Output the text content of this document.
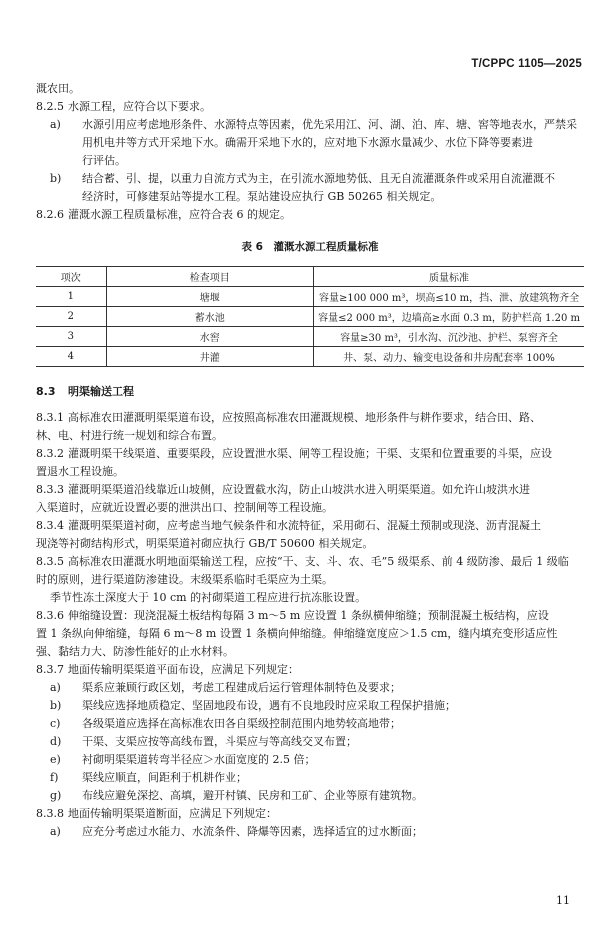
T/CPPC 1105—2025
溉农田。
8.2.5 水源工程，应符合以下要求。
a)	水源引用应考虑地形条件、水源特点等因素，优先采用江、河、湖、泊、库、塘、窖等地表水，严禁采
用机电井等方式开采地下水。确需开采地下水的，应对地下水源水量减少、水位下降等要素进
行评估。
b)	结合蓄、引、提，以重力自流方式为主，在引流水源地势低、且无自流灌溉条件或采用自流灌溉不
经济时，可修建泵站等提水工程。泵站建设应执行 GB 50265 相关规定。
8.2.6 灌溉水源工程质量标准，应符合表 6 的规定。
表 6　灌溉水源工程质量标准
项次	检查项目	质量标准
1	塘堰	容量≥100 000 m³，坝高≤10 m，挡、泄、放建筑物齐全
2	蓄水池	容量≤2 000 m³，边墙高≥水面 0.3 m，防护栏高 1.20 m
3	水窖	容量≥30 m³，引水沟、沉沙池、护栏、泵窖齐全
4	井灌	井、泵、动力、输变电设备和井房配套率 100%
8.3	明渠输送工程
8.3.1 高标准农田灌溉明渠渠道布设，应按照高标准农田灌溉规模、地形条件与耕作要求，结合田、路、
林、电、村进行统一规划和综合布置。
8.3.2 灌溉明渠干线渠道、重要渠段，应设置泄水渠、闸等工程设施；干渠、支渠和位置重要的斗渠，应设
置退水工程设施。
8.3.3 灌溉明渠渠道沿线靠近山坡侧，应设置截水沟，防止山坡洪水进入明渠渠道。如允许山坡洪水进
入渠道时，应就近设置必要的泄洪出口、控制闸等工程设施。
8.3.4 灌溉明渠渠道衬砌，应考虑当地气候条件和水流特征，采用砌石、混凝土预制或现浇、沥青混凝土
现浇等衬砌结构形式，明渠渠道衬砌应执行 GB/T 50600 相关规定。
8.3.5 高标准农田灌溉水明地面渠输送工程，应按“干、支、斗、农、毛”5 级渠系、前 4 级防渗、最后 1 级临
时的原则，进行渠道防渗建设。末级渠系临时毛渠应为土渠。
季节性冻土深度大于 10 cm 的衬砌渠道工程应进行抗冻胀设置。
8.3.6 伸缩缝设置：现浇混凝土板结构每隔 3 m～5 m 应设置 1 条纵横伸缩缝；预制混凝土板结构，应设
置 1 条纵向伸缩缝，每隔 6 m～8 m 设置 1 条横向伸缩缝。伸缩缝宽度应＞1.5 cm，缝内填充变形适应性
强、黏结力大、防渗性能好的止水材料。
8.3.7 地面传输明渠渠道平面布设，应满足下列规定：
a)	渠系应兼顾行政区划，考虑工程建成后运行管理体制特色及要求；
b)	渠线应选择地质稳定、坚固地段布设，遇有不良地段时应采取工程保护措施；
c)	各级渠道应选择在高标准农田各自渠级控制范围内地势较高地带；
d)	干渠、支渠应按等高线布置，斗渠应与等高线交叉布置；
e)	衬砌明渠渠道转弯半径应＞水面宽度的 2.5 倍；
f)	渠线应顺直，间距利于机耕作业；
g)	布线应避免深挖、高填，避开村镇、民房和工矿、企业等原有建筑物。
8.3.8 地面传输明渠渠道断面，应满足下列规定：
a)	应充分考虑过水能力、水流条件、降爆等因素，选择适宜的过水断面；
11
